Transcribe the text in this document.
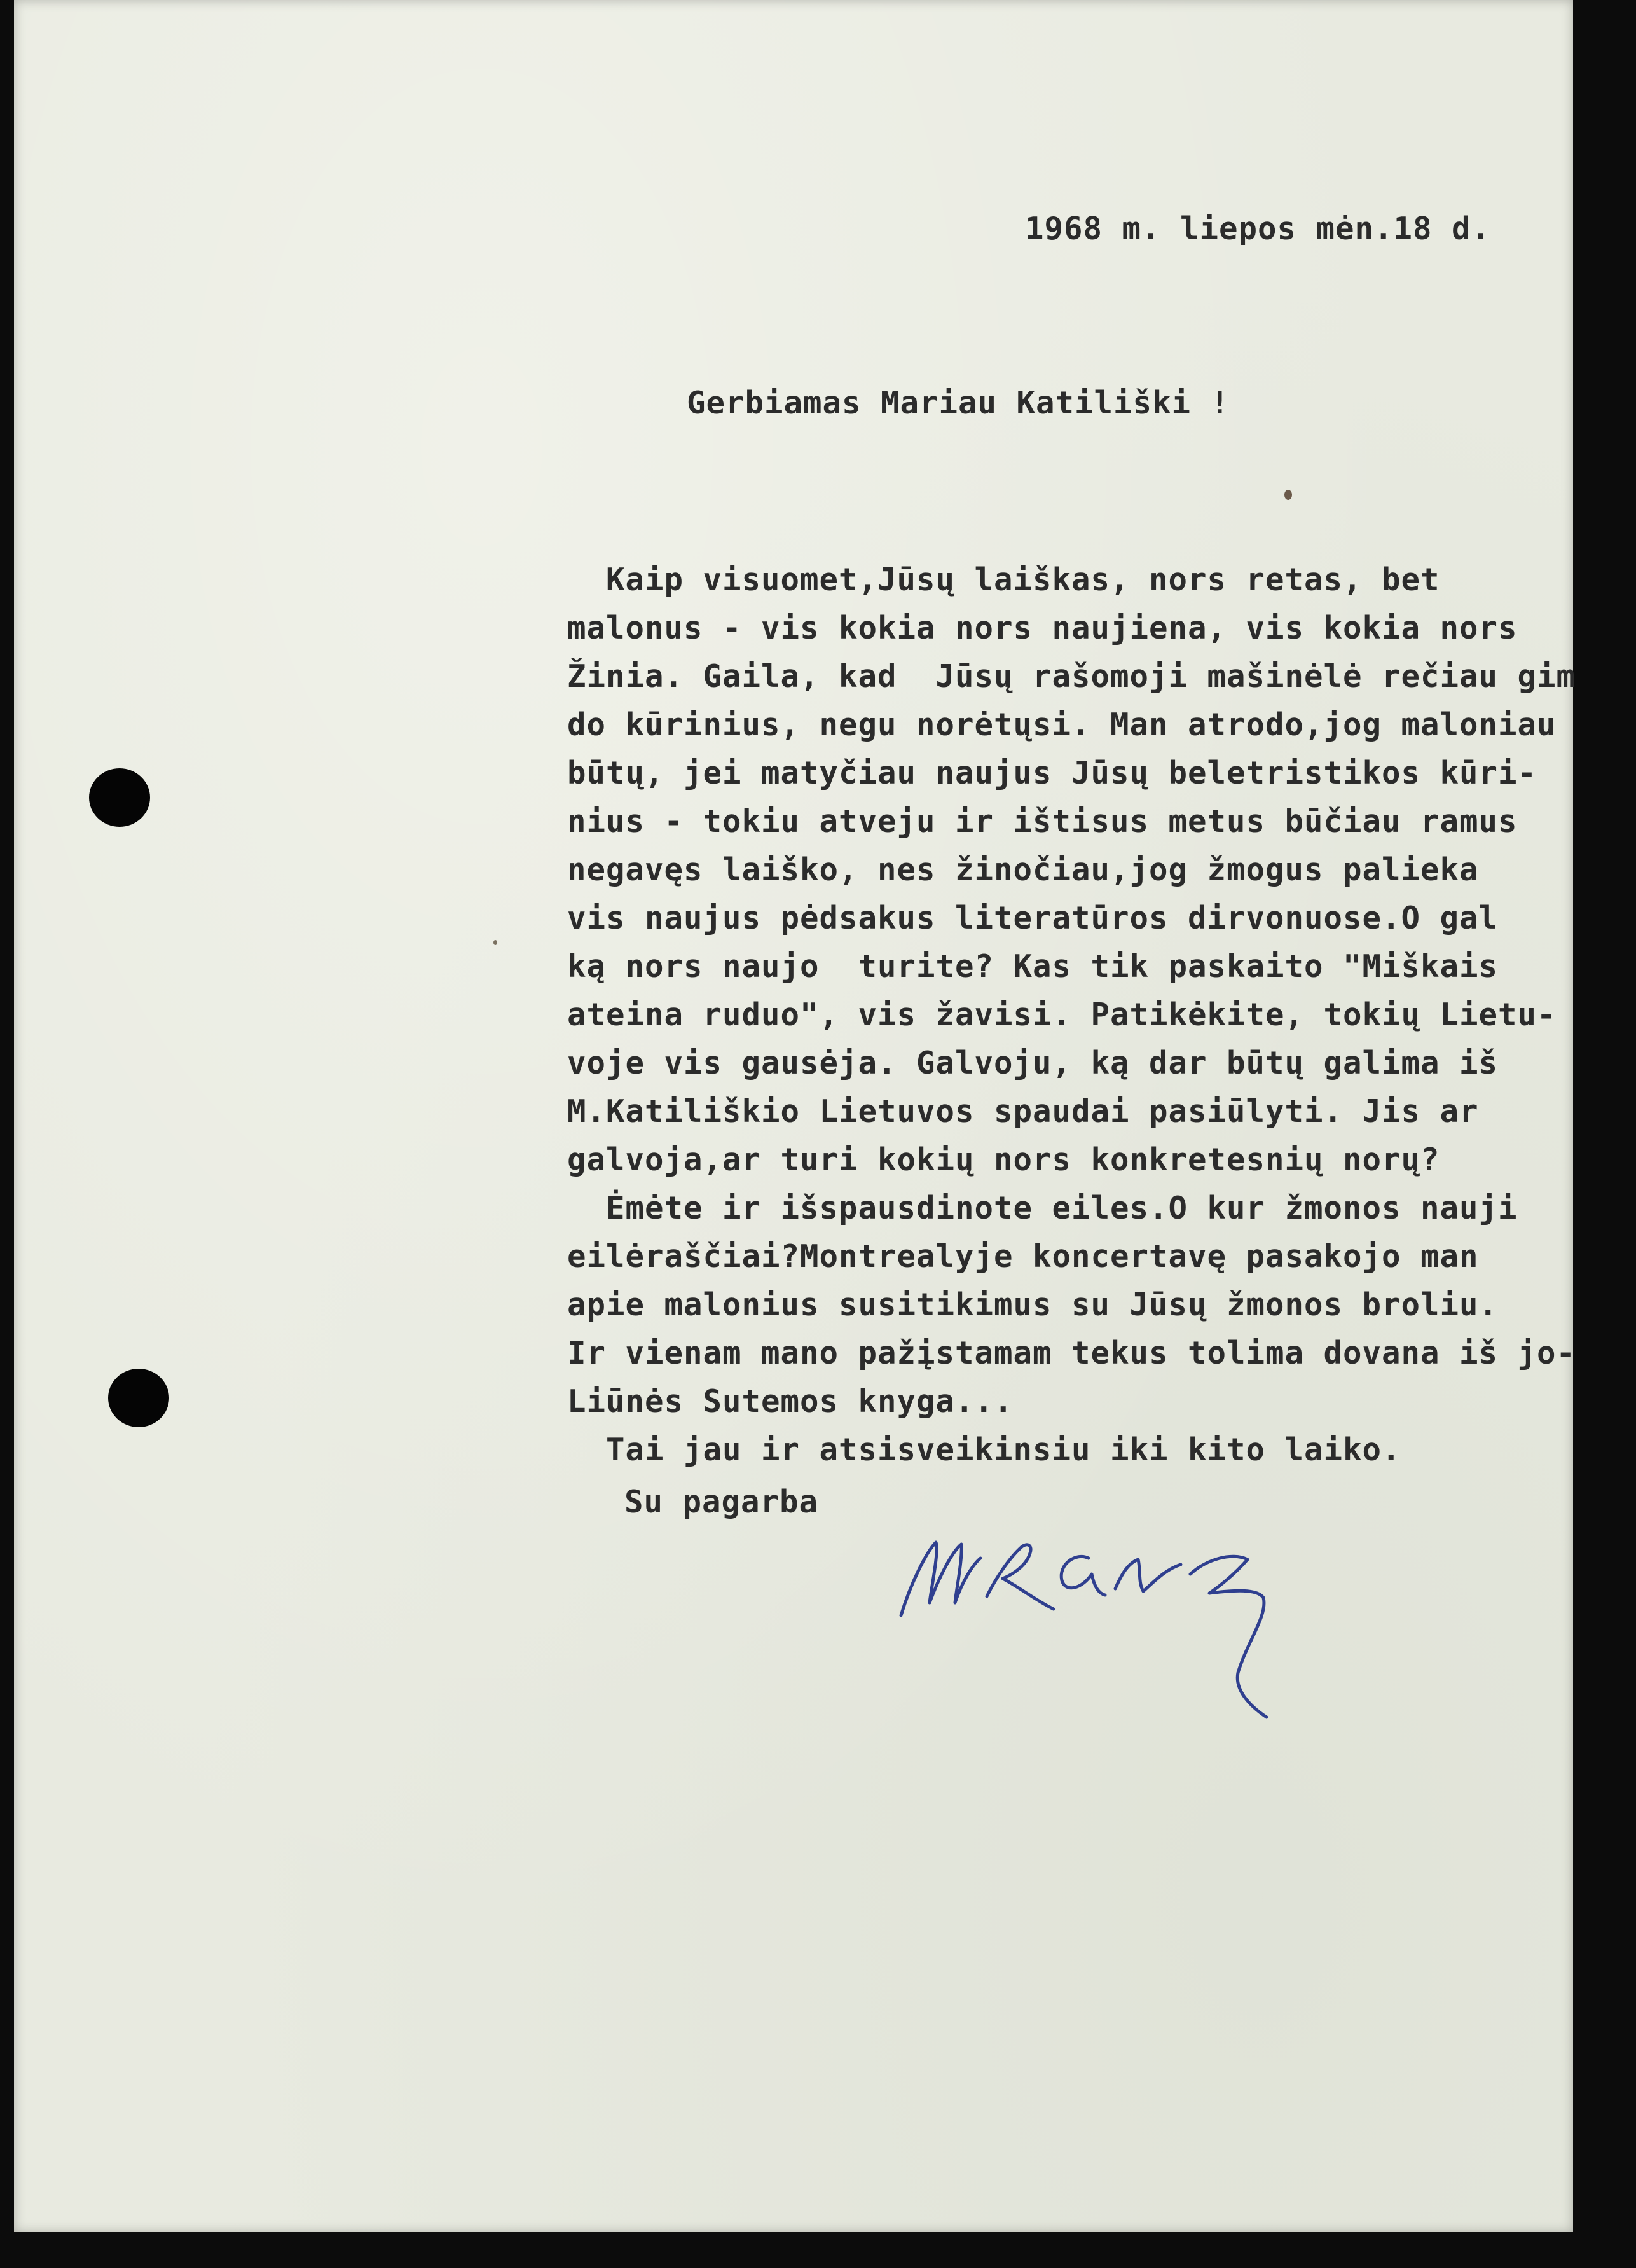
1968 m. liepos mėn.18 d.

Gerbiamas Mariau Katiliški !

Kaip visuomet,Jūsų laiškas, nors retas, bet

malonus - vis kokia nors naujiena, vis kokia nors

Žinia. Gaila, kad  Jūsų rašomoji mašinėlė rečiau gim

do kūrinius, negu norėtųsi. Man atrodo,jog maloniau

būtų, jei matyčiau naujus Jūsų beletristikos kūri-

nius - tokiu atveju ir ištisus metus būčiau ramus

negavęs laiško, nes žinočiau,jog žmogus palieka

vis naujus pėdsakus literatūros dirvonuose.O gal

ką nors naujo  turite? Kas tik paskaito "Miškais

ateina ruduo", vis žavisi. Patikėkite, tokių Lietu-

voje vis gausėja. Galvoju, ką dar būtų galima iš

M.Katiliškio Lietuvos spaudai pasiūlyti. Jis ar

galvoja,ar turi kokių nors konkretesnių norų?

Ėmėte ir išspausdinote eiles.O kur žmonos nauji

eilėraščiai?Montrealyje koncertavę pasakojo man

apie malonius susitikimus su Jūsų žmonos broliu.

Ir vienam mano pažįstamam tekus tolima dovana iš jo-

Liūnės Sutemos knyga...

Tai jau ir atsisveikinsiu iki kito laiko.

Su pagarba
